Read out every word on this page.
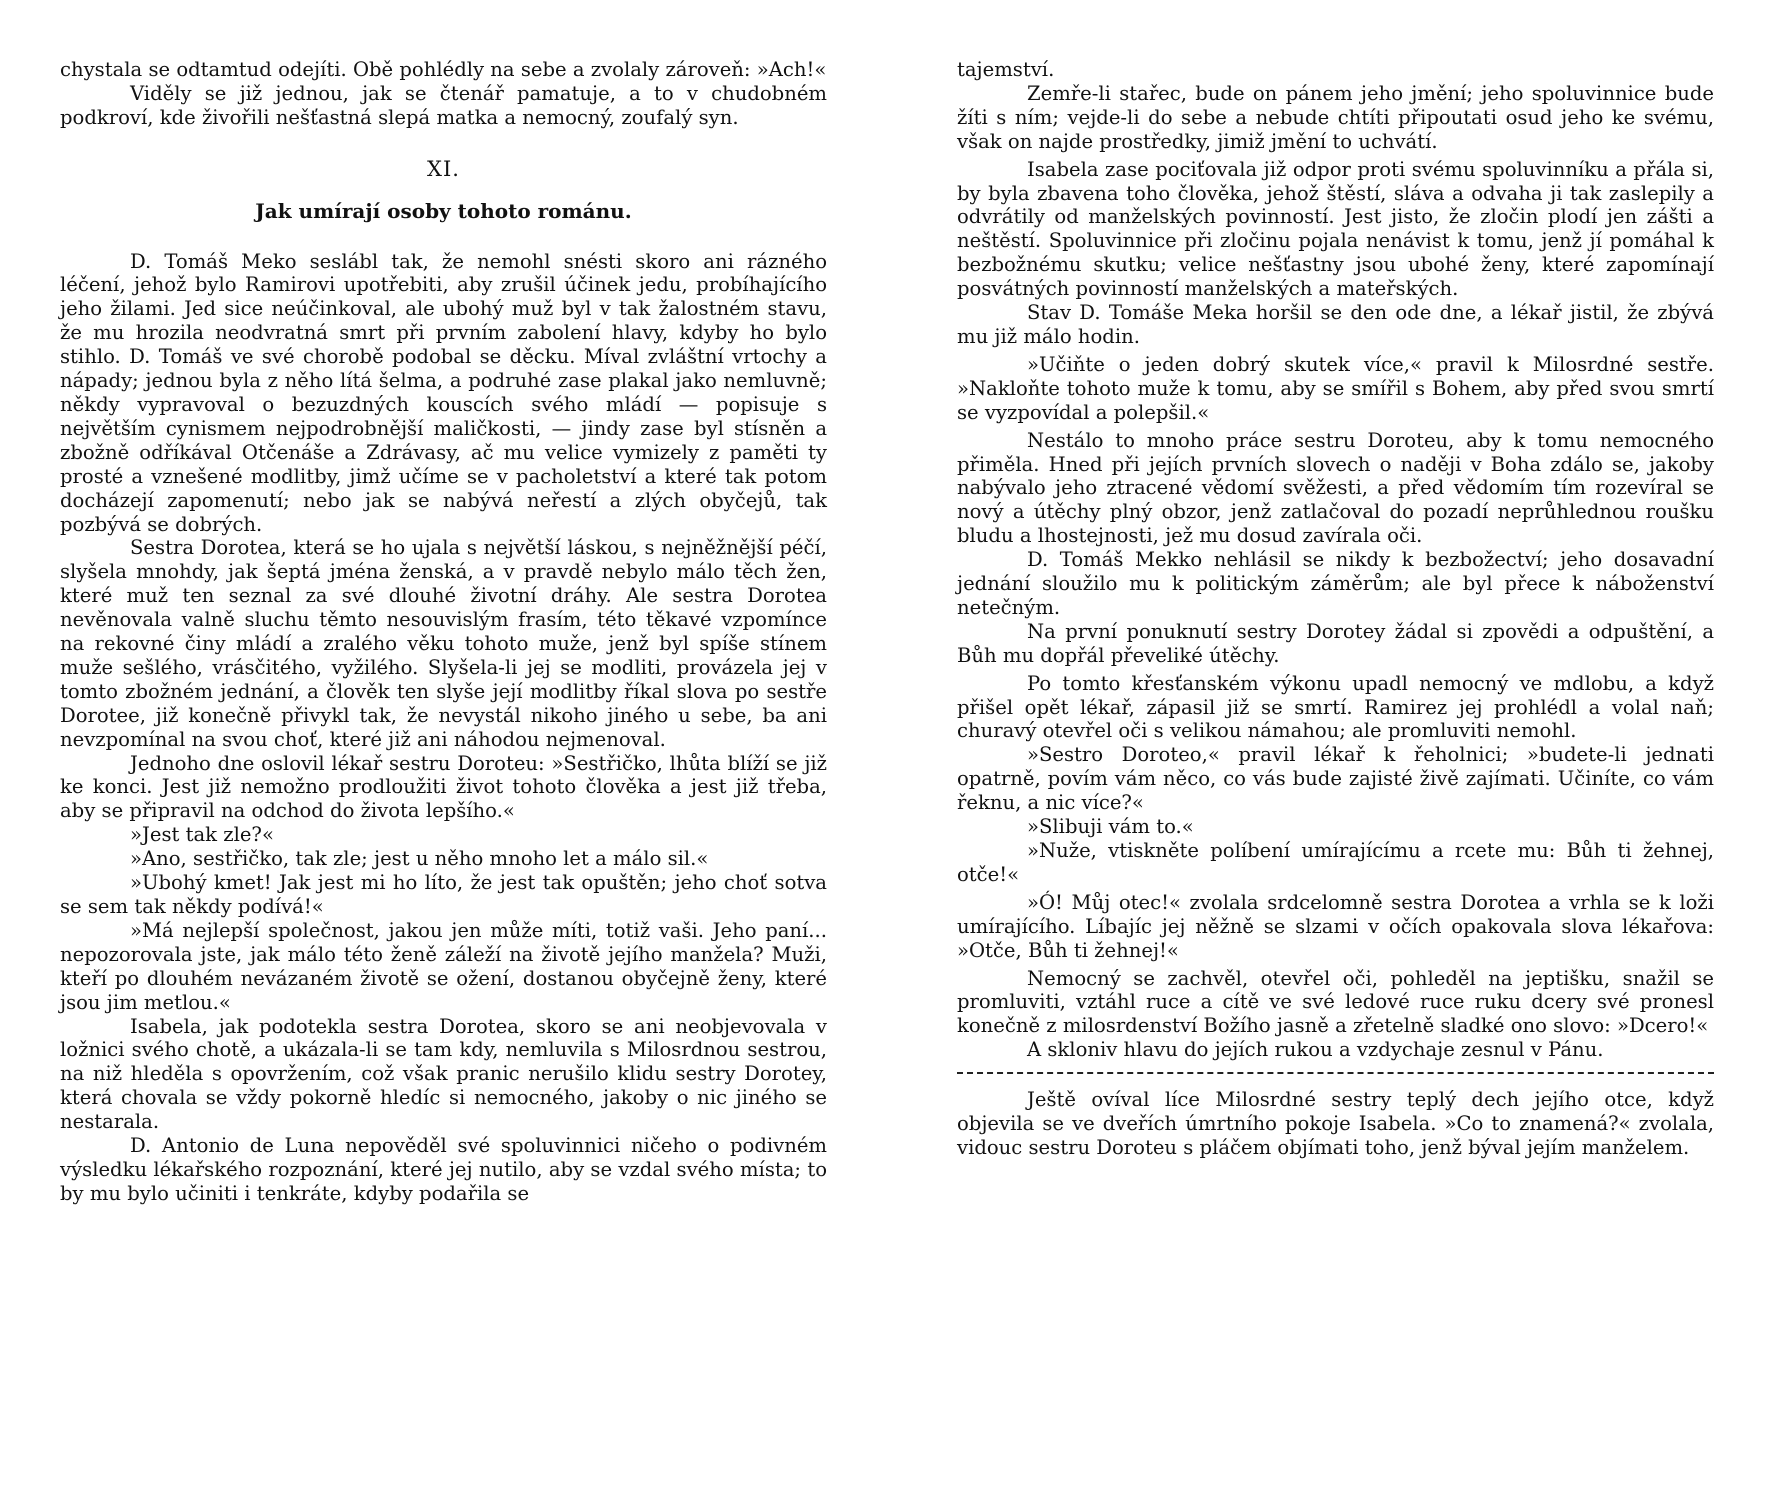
chystala se odtamtud odejíti. Obě pohlédly na sebe a zvolaly zároveň: »Ach!«

Viděly se již jednou, jak se čtenář pamatuje, a to v chudobném podkroví, kde živořili nešťastná slepá matka a nemocný, zoufalý syn.

XI.
Jak umírají osoby tohoto románu.

D. Tomáš Meko seslábl tak, že nemohl snésti skoro ani rázného léčení, jehož bylo Ramirovi upotřebiti, aby zrušil účinek jedu, probíhajícího jeho žilami. Jed sice neúčinkoval, ale ubohý muž byl v tak žalostném stavu, že mu hrozila neodvratná smrt při prvním zabolení hlavy, kdyby ho bylo stihlo. D. Tomáš ve své chorobě podobal se děcku. Míval zvláštní vrtochy a nápady; jednou byla z něho lítá šelma, a podruhé zase plakal jako nemluvně; někdy vypravoval o bezuzdných kouscích svého mládí — popisuje s největším cynismem nejpodrobnější maličkosti, — jindy zase byl stísněn a zbožně odříkával Otčenáše a Zdrávasy, ač mu velice vymizely z paměti ty prosté a vznešené modlitby, jimž učíme se v pacholetství a které tak potom docházejí zapomenutí; nebo jak se nabývá neřestí a zlých obyčejů, tak pozbývá se dobrých.

Sestra Dorotea, která se ho ujala s největší láskou, s nejněžnější péčí, slyšela mnohdy, jak šeptá jména ženská, a v pravdě nebylo málo těch žen, které muž ten seznal za své dlouhé životní dráhy. Ale sestra Dorotea nevěnovala valně sluchu těmto nesouvislým frasím, této těkavé vzpomínce na rekovné činy mládí a zralého věku tohoto muže, jenž byl spíše stínem muže sešlého, vrásčitého, vyžilého. Slyšela-li jej se modliti, provázela jej v tomto zbožném jednání, a člověk ten slyše její modlitby říkal slova po sestře Dorotee, již konečně přivykl tak, že nevystál nikoho jiného u sebe, ba ani nevzpomínal na svou choť, které již ani náhodou nejmenoval.

Jednoho dne oslovil lékař sestru Doroteu: »Sestřičko, lhůta blíží se již ke konci. Jest již nemožno prodloužiti život tohoto člověka a jest již třeba, aby se připravil na odchod do života lepšího.«

»Jest tak zle?«

»Ano, sestřičko, tak zle; jest u něho mnoho let a málo sil.«

»Ubohý kmet! Jak jest mi ho líto, že jest tak opuštěn; jeho choť sotva se sem tak někdy podívá!«

»Má nejlepší společnost, jakou jen může míti, totiž vaši. Jeho paní... nepozorovala jste, jak málo této ženě záleží na životě jejího manžela? Muži, kteří po dlouhém nevázaném životě se ožení, dostanou obyčejně ženy, které jsou jim metlou.«

Isabela, jak podotekla sestra Dorotea, skoro se ani neobjevovala v ložnici svého chotě, a ukázala-li se tam kdy, nemluvila s Milosrdnou sestrou, na niž hleděla s opovržením, což však pranic nerušilo klidu sestry Dorotey, která chovala se vždy pokorně hledíc si nemocného, jakoby o nic jiného se nestarala.

D. Antonio de Luna nepověděl své spoluvinnici ničeho o podivném výsledku lékařského rozpoznání, které jej nutilo, aby se vzdal svého místa; to by mu bylo učiniti i tenkráte, kdyby podařila se

tajemství.

Zemře-li stařec, bude on pánem jeho jmění; jeho spoluvinnice bude žíti s ním; vejde-li do sebe a nebude chtíti připoutati osud jeho ke svému, však on najde prostředky, jimiž jmění to uchvátí.

Isabela zase pociťovala již odpor proti svému spoluvinníku a přála si, by byla zbavena toho člověka, jehož štěstí, sláva a odvaha ji tak zaslepily a odvrátily od manželských povinností. Jest jisto, že zločin plodí jen zášti a neštěstí. Spoluvinnice při zločinu pojala nenávist k tomu, jenž jí pomáhal k bezbožnému skutku; velice nešťastny jsou ubohé ženy, které zapomínají posvátných povinností manželských a mateřských.

Stav D. Tomáše Meka horšil se den ode dne, a lékař jistil, že zbývá mu již málo hodin.

»Učiňte o jeden dobrý skutek více,« pravil k Milosrdné sestře. »Nakloňte tohoto muže k tomu, aby se smířil s Bohem, aby před svou smrtí se vyzpovídal a polepšil.«

Nestálo to mnoho práce sestru Doroteu, aby k tomu nemocného přiměla. Hned při jejích prvních slovech o naději v Boha zdálo se, jakoby nabývalo jeho ztracené vědomí svěžesti, a před vědomím tím rozevíral se nový a útěchy plný obzor, jenž zatlačoval do pozadí neprůhlednou roušku bludu a lhostejnosti, jež mu dosud zavírala oči.

D. Tomáš Mekko nehlásil se nikdy k bezbožectví; jeho dosavadní jednání sloužilo mu k politickým záměrům; ale byl přece k náboženství netečným.

Na první ponuknutí sestry Dorotey žádal si zpovědi a odpuštění, a Bůh mu dopřál převeliké útěchy.

Po tomto křesťanském výkonu upadl nemocný ve mdlobu, a když přišel opět lékař, zápasil již se smrtí. Ramirez jej prohlédl a volal naň; churavý otevřel oči s velikou námahou; ale promluviti nemohl.

»Sestro Doroteo,« pravil lékař k řeholnici; »budete-li jednati opatrně, povím vám něco, co vás bude zajisté živě zajímati. Učiníte, co vám řeknu, a nic více?«

»Slibuji vám to.«

»Nuže, vtiskněte políbení umírajícímu a rcete mu: Bůh ti žehnej, otče!«

»Ó! Můj otec!« zvolala srdcelomně sestra Dorotea a vrhla se k loži umírajícího. Líbajíc jej něžně se slzami v očích opakovala slova lékařova: »Otče, Bůh ti žehnej!«

Nemocný se zachvěl, otevřel oči, pohleděl na jeptišku, snažil se promluviti, vztáhl ruce a cítě ve své ledové ruce ruku dcery své pronesl konečně z milosrdenství Božího jasně a zřetelně sladké ono slovo: »Dcero!«

A skloniv hlavu do jejích rukou a vzdychaje zesnul v Pánu.

Ještě ovíval líce Milosrdné sestry teplý dech jejího otce, když objevila se ve dveřích úmrtního pokoje Isabela. »Co to znamená?« zvolala, vidouc sestru Doroteu s pláčem objímati toho, jenž býval jejím manželem.
